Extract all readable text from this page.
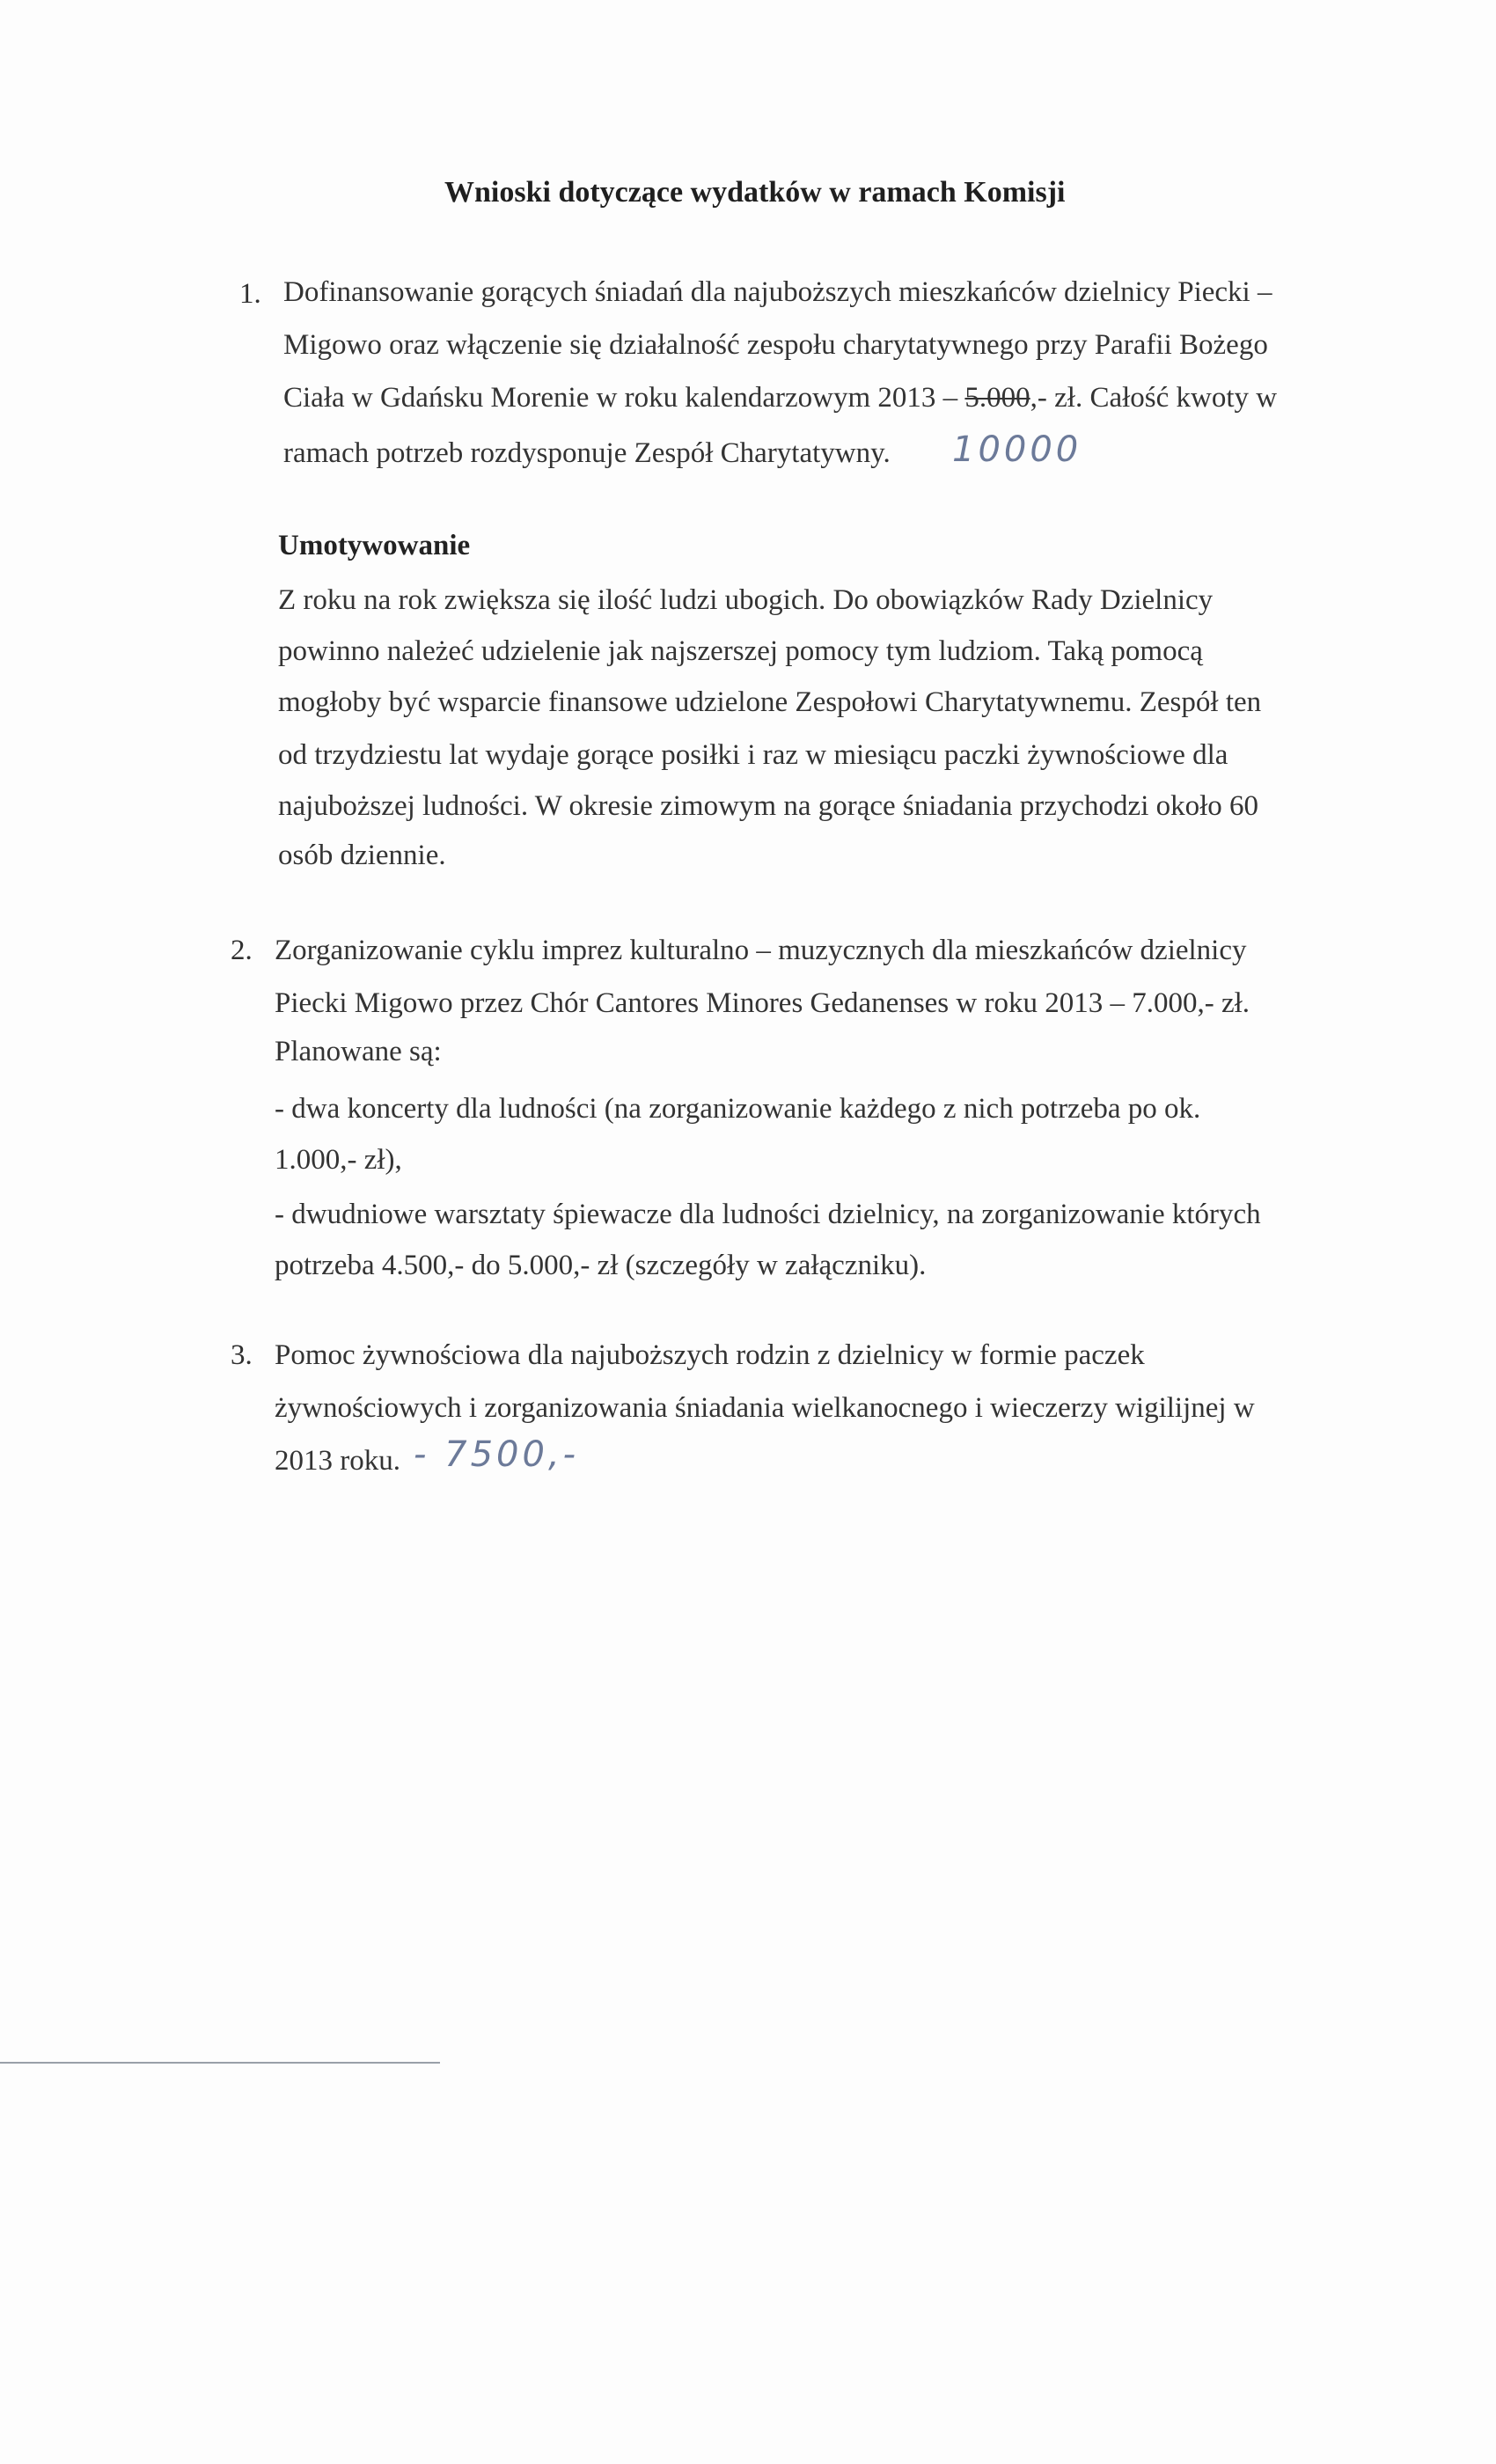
Wnioski dotyczące wydatków w ramach Komisji
1. Dofinansowanie gorących śniadań dla najuboższych mieszkańców dzielnicy Piecki –
Migowo oraz włączenie się działalność zespołu charytatywnego przy Parafii Bożego
Ciała w Gdańsku Morenie w roku kalendarzowym 2013 – 5.000,- zł. Całość kwoty w
ramach potrzeb rozdysponuje Zespół Charytatywny. 10000
Umotywowanie
Z roku na rok zwiększa się ilość ludzi ubogich. Do obowiązków Rady Dzielnicy
powinno należeć udzielenie jak najszerszej pomocy tym ludziom. Taką pomocą
mogłoby być wsparcie finansowe udzielone Zespołowi Charytatywnemu. Zespół ten
od trzydziestu lat wydaje gorące posiłki i raz w miesiącu paczki żywnościowe dla
najuboższej ludności. W okresie zimowym na gorące śniadania przychodzi około 60
osób dziennie.
2. Zorganizowanie cyklu imprez kulturalno – muzycznych dla mieszkańców dzielnicy
Piecki Migowo przez Chór Cantores Minores Gedanenses w roku 2013 – 7.000,- zł.
Planowane są:
- dwa koncerty dla ludności (na zorganizowanie każdego z nich potrzeba po ok.
1.000,- zł),
- dwudniowe warsztaty śpiewacze dla ludności dzielnicy, na zorganizowanie których
potrzeba 4.500,- do 5.000,- zł (szczegóły w załączniku).
3. Pomoc żywnościowa dla najuboższych rodzin z dzielnicy w formie paczek
żywnościowych i zorganizowania śniadania wielkanocnego i wieczerzy wigilijnej w
2013 roku. - 7500,-
